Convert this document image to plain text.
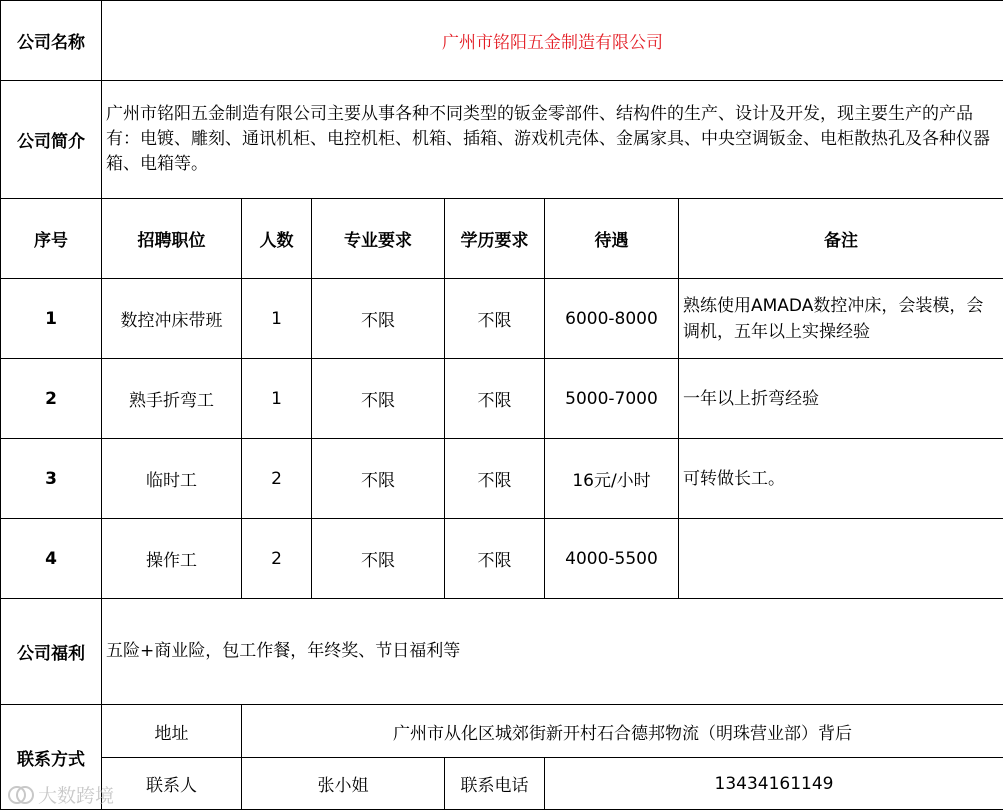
公司名称	广州市铭阳五金制造有限公司					
公司简介	广州市铭阳五金制造有限公司主要从事各种不同类型的钣金零部件、结构件的生产、设计及开发，现主要生产的产品有：电镀、雕刻、通讯机柜、电控机柜、机箱、插箱、游戏机壳体、金属家具、中央空调钣金、电柜散热孔及各种仪器箱、电箱等。					
序号	招聘职位	人数	专业要求	学历要求	待遇	备注
1	数控冲床带班	1	不限	不限	6000-8000	熟练使用AMADA数控冲床，会装模，会调机，五年以上实操经验
2	熟手折弯工	1	不限	不限	5000-7000	一年以上折弯经验
3	临时工	2	不限	不限	16元/小时	可转做长工。
4	操作工	2	不限	不限	4000-5500	
公司福利	五险+商业险，包工作餐，年终奖、节日福利等					
联系方式	地址	广州市从化区城郊街新开村石合德邦物流（明珠营业部）背后				
	联系人	张小姐		联系电话	13434161149	
大数跨境
